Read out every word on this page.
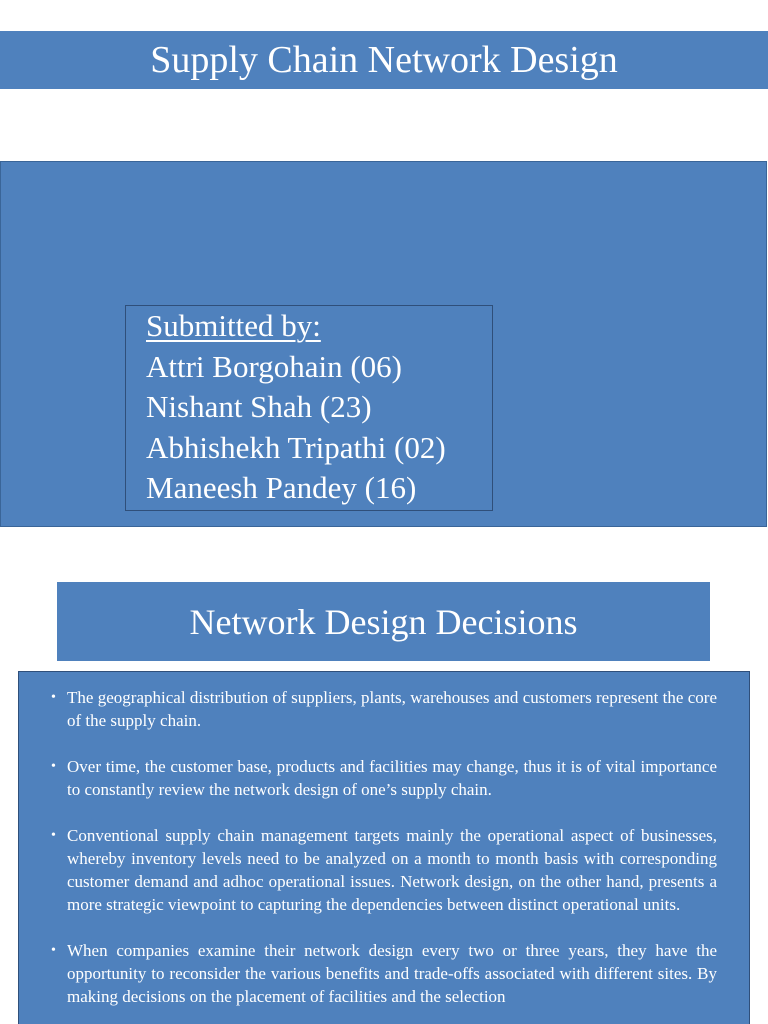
Supply Chain Network Design
Submitted by:
Attri Borgohain (06)
Nishant Shah (23)
Abhishekh Tripathi (02)
Maneesh Pandey (16)
Network Design Decisions
• The geographical distribution of suppliers, plants, warehouses and customers represent the core of the supply chain.
• Over time, the customer base, products and facilities may change, thus it is of vital importance to constantly review the network design of one’s supply chain.
• Conventional supply chain management targets mainly the operational aspect of businesses, whereby inventory levels need to be analyzed on a month to month basis with corresponding customer demand and adhoc operational issues. Network design, on the other hand, presents a more strategic viewpoint to capturing the dependencies between distinct operational units.
• When companies examine their network design every two or three years, they have the opportunity to reconsider the various benefits and trade-offs associated with different sites. By making decisions on the placement of facilities and the selection
